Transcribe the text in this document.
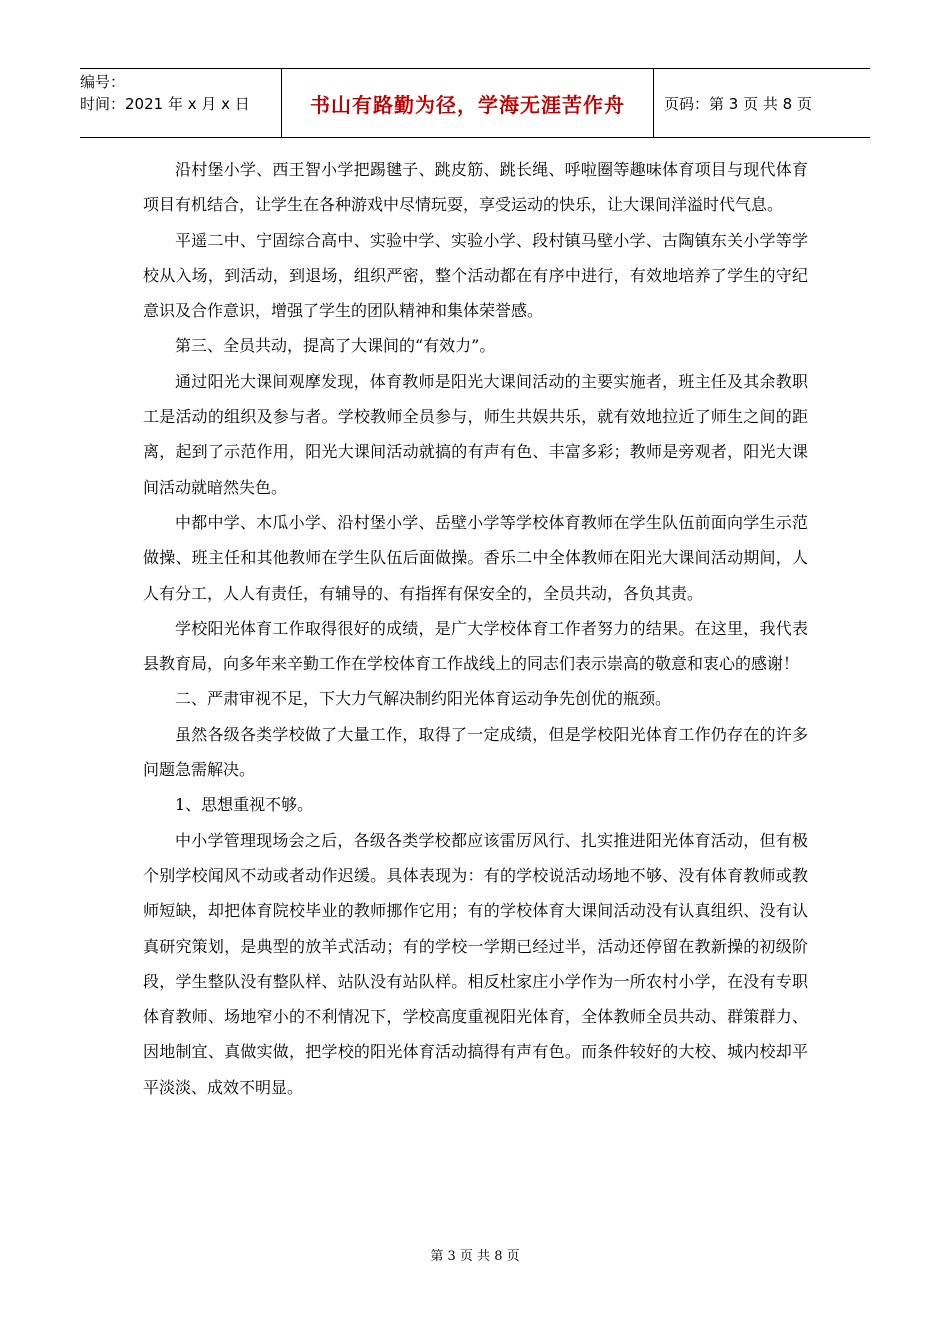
编号：
时间：2021 年 x 月 x 日	书山有路勤为径，学海无涯苦作舟	页码：第 3 页 共 8 页

沿村堡小学、西王智小学把踢毽子、跳皮筋、跳长绳、呼啦圈等趣味体育项目与现代体育项目有机结合，让学生在各种游戏中尽情玩耍，享受运动的快乐，让大课间洋溢时代气息。

平遥二中、宁固综合高中、实验中学、实验小学、段村镇马壁小学、古陶镇东关小学等学校从入场，到活动，到退场，组织严密，整个活动都在有序中进行，有效地培养了学生的守纪意识及合作意识，增强了学生的团队精神和集体荣誉感。

第三、全员共动，提高了大课间的“有效力”。

通过阳光大课间观摩发现，体育教师是阳光大课间活动的主要实施者，班主任及其余教职工是活动的组织及参与者。学校教师全员参与，师生共娱共乐，就有效地拉近了师生之间的距离，起到了示范作用，阳光大课间活动就搞的有声有色、丰富多彩；教师是旁观者，阳光大课间活动就暗然失色。

中都中学、木瓜小学、沿村堡小学、岳壁小学等学校体育教师在学生队伍前面向学生示范做操、班主任和其他教师在学生队伍后面做操。香乐二中全体教师在阳光大课间活动期间，人人有分工，人人有责任，有辅导的、有指挥有保安全的，全员共动，各负其责。

学校阳光体育工作取得很好的成绩，是广大学校体育工作者努力的结果。在这里，我代表县教育局，向多年来辛勤工作在学校体育工作战线上的同志们表示崇高的敬意和衷心的感谢！

二、严肃审视不足，下大力气解决制约阳光体育运动争先创优的瓶颈。

虽然各级各类学校做了大量工作，取得了一定成绩，但是学校阳光体育工作仍存在的许多问题急需解决。

1、思想重视不够。

中小学管理现场会之后，各级各类学校都应该雷厉风行、扎实推进阳光体育活动，但有极个别学校闻风不动或者动作迟缓。具体表现为：有的学校说活动场地不够、没有体育教师或教师短缺，却把体育院校毕业的教师挪作它用；有的学校体育大课间活动没有认真组织、没有认真研究策划，是典型的放羊式活动；有的学校一学期已经过半，活动还停留在教新操的初级阶段，学生整队没有整队样、站队没有站队样。相反杜家庄小学作为一所农村小学，在没有专职体育教师、场地窄小的不利情况下，学校高度重视阳光体育，全体教师全员共动、群策群力、因地制宜、真做实做，把学校的阳光体育活动搞得有声有色。而条件较好的大校、城内校却平平淡淡、成效不明显。

第 3 页 共 8 页
